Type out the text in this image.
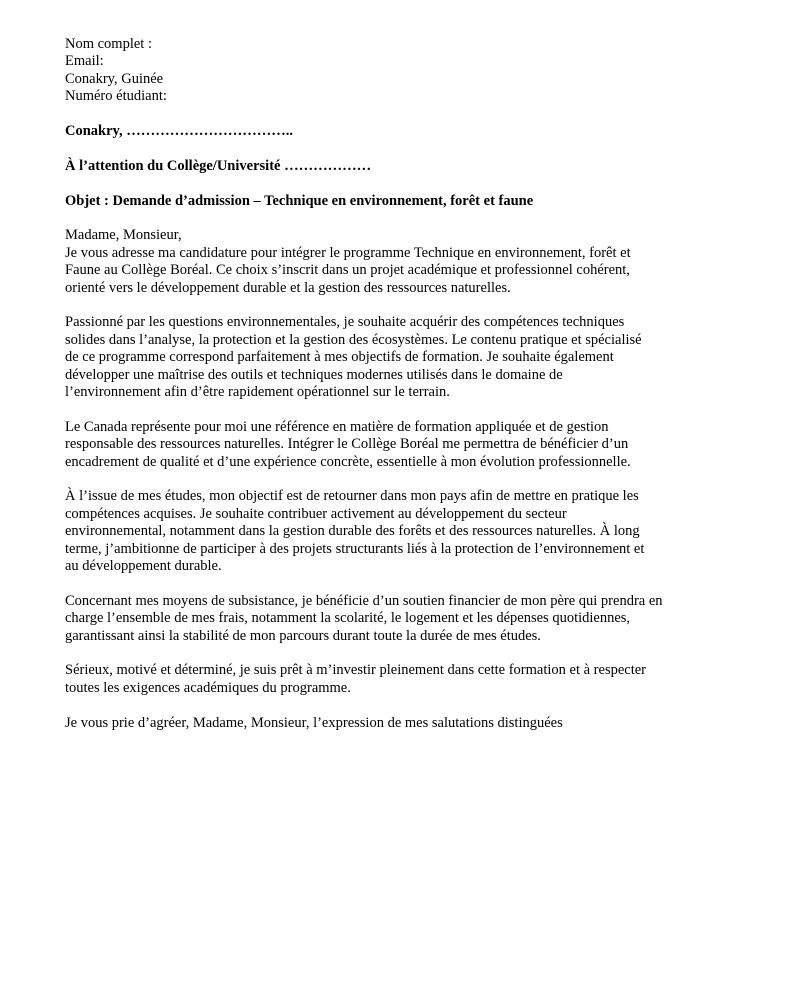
Nom complet :
Email:
Conakry, Guinée
Numéro étudiant:
Conakry, ……………………………..
À l’attention du Collège/Université ………………
Objet : Demande d’admission – Technique en environnement, forêt et faune
Madame, Monsieur,
Je vous adresse ma candidature pour intégrer le programme Technique en environnement, forêt et
Faune au Collège Boréal. Ce choix s’inscrit dans un projet académique et professionnel cohérent,
orienté vers le développement durable et la gestion des ressources naturelles.
Passionné par les questions environnementales, je souhaite acquérir des compétences techniques
solides dans l’analyse, la protection et la gestion des écosystèmes. Le contenu pratique et spécialisé
de ce programme correspond parfaitement à mes objectifs de formation. Je souhaite également
développer une maîtrise des outils et techniques modernes utilisés dans le domaine de
l’environnement afin d’être rapidement opérationnel sur le terrain.
Le Canada représente pour moi une référence en matière de formation appliquée et de gestion
responsable des ressources naturelles. Intégrer le Collège Boréal me permettra de bénéficier d’un
encadrement de qualité et d’une expérience concrète, essentielle à mon évolution professionnelle.
À l’issue de mes études, mon objectif est de retourner dans mon pays afin de mettre en pratique les
compétences acquises. Je souhaite contribuer activement au développement du secteur
environnemental, notamment dans la gestion durable des forêts et des ressources naturelles. À long
terme, j’ambitionne de participer à des projets structurants liés à la protection de l’environnement et
au développement durable.
Concernant mes moyens de subsistance, je bénéficie d’un soutien financier de mon père qui prendra en
charge l’ensemble de mes frais, notamment la scolarité, le logement et les dépenses quotidiennes,
garantissant ainsi la stabilité de mon parcours durant toute la durée de mes études.
Sérieux, motivé et déterminé, je suis prêt à m’investir pleinement dans cette formation et à respecter
toutes les exigences académiques du programme.
Je vous prie d’agréer, Madame, Monsieur, l’expression de mes salutations distinguées
